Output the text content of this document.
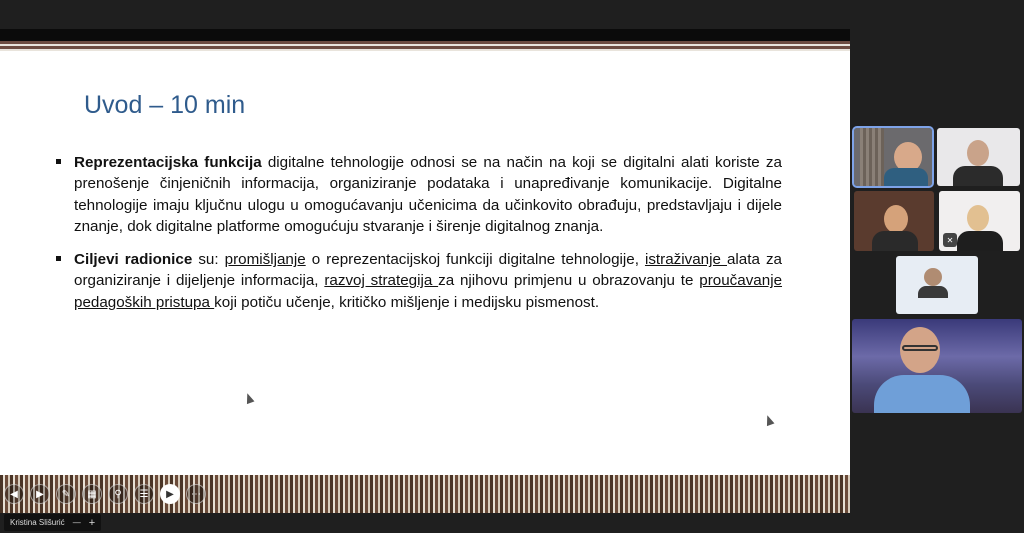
Uvod – 10 min
Reprezentacijska funkcija digitalne tehnologije odnosi se na način na koji se digitalni alati koriste za prenošenje činjeničnih informacija, organiziranje podataka i unapređivanje komunikacije. Digitalne tehnologije imaju ključnu ulogu u omogućavanju učenicima da učinkovito obrađuju, predstavljaju i dijele znanje, dok digitalne platforme omogućuju stvaranje i širenje digitalnog znanja.
Ciljevi radionice su: promišljanje o reprezentacijskoj funkciji digitalne tehnologije, istraživanje alata za organiziranje i dijeljenje informacija, razvoj strategija za njihovu primjenu u obrazovanju te proučavanje pedagoških pristupa koji potiču učenje, kritičko mišljenje i medijsku pismenost.
◀	▶	✎	▦	⚲	☰	▶	⋯
✕
Kristina Slišurić — +
